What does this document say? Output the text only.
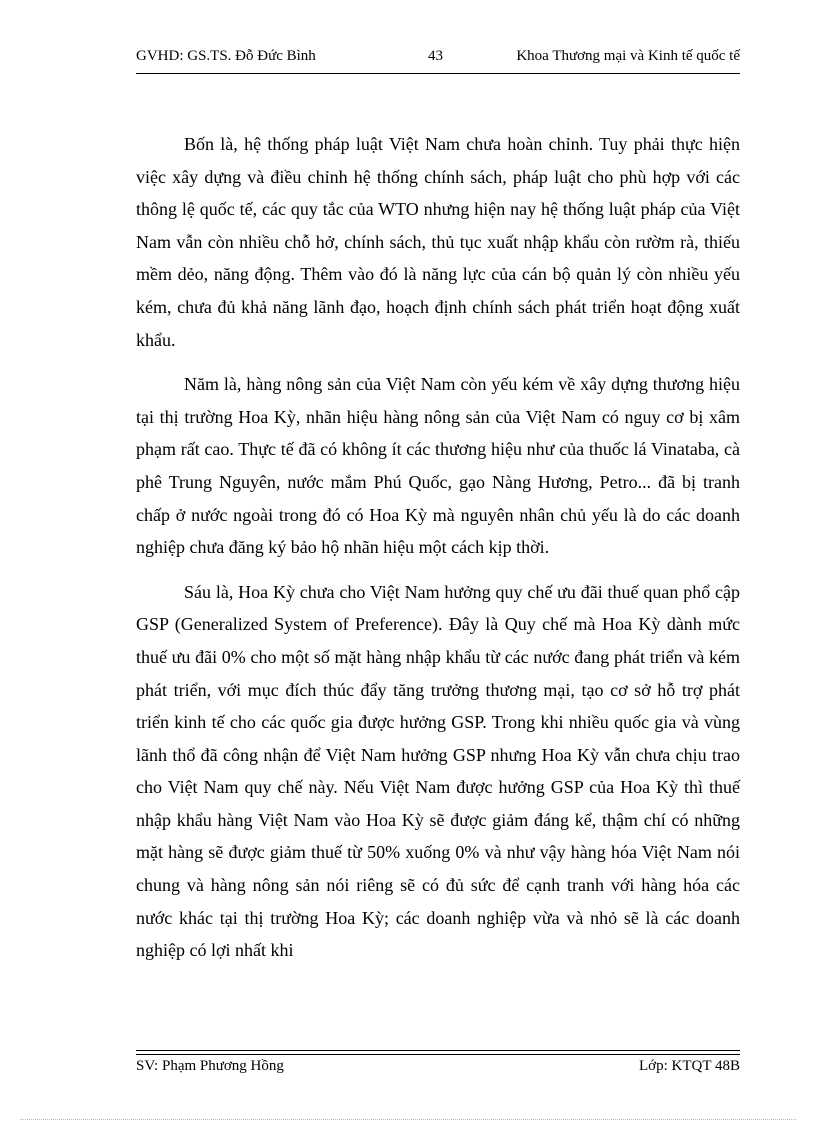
GVHD: GS.TS. Đỗ Đức Bình	43	Khoa Thương mại và Kinh tế quốc tế

Bốn là, hệ thống pháp luật Việt Nam chưa hoàn chỉnh. Tuy phải thực hiện việc xây dựng và điều chỉnh hệ thống chính sách, pháp luật cho phù hợp với các thông lệ quốc tế, các quy tắc của WTO nhưng hiện nay hệ thống luật pháp của Việt Nam vẫn còn nhiều chỗ hở, chính sách, thủ tục xuất nhập khẩu còn rườm rà, thiếu mềm dẻo, năng động. Thêm vào đó là năng lực của cán bộ quản lý còn nhiều yếu kém, chưa đủ khả năng lãnh đạo, hoạch định chính sách phát triển hoạt động xuất khẩu.

Năm là, hàng nông sản của Việt Nam còn yếu kém về xây dựng thương hiệu tại thị trường Hoa Kỳ, nhãn hiệu hàng nông sản của Việt Nam có nguy cơ bị xâm phạm rất cao. Thực tế đã có không ít các thương hiệu như của thuốc lá Vinataba, cà phê Trung Nguyên, nước mắm Phú Quốc, gạo Nàng Hương, Petro... đã bị tranh chấp ở nước ngoài trong đó có Hoa Kỳ mà nguyên nhân chủ yếu là do các doanh nghiệp chưa đăng ký bảo hộ nhãn hiệu một cách kịp thời.

Sáu là, Hoa Kỳ chưa cho Việt Nam hưởng quy chế ưu đãi thuế quan phổ cập GSP (Generalized System of Preference). Đây là Quy chế mà Hoa Kỳ dành mức thuế ưu đãi 0% cho một số mặt hàng nhập khẩu từ các nước đang phát triển và kém phát triển, với mục đích thúc đẩy tăng trưởng thương mại, tạo cơ sở hỗ trợ phát triển kinh tế cho các quốc gia được hưởng GSP. Trong khi nhiều quốc gia và vùng lãnh thổ đã công nhận để Việt Nam hưởng GSP nhưng Hoa Kỳ vẫn chưa chịu trao cho Việt Nam quy chế này. Nếu Việt Nam được hưởng GSP của Hoa Kỳ thì thuế nhập khẩu hàng Việt Nam vào Hoa Kỳ sẽ được giảm đáng kể, thậm chí có những mặt hàng sẽ được giảm thuế từ 50% xuống 0% và như vậy hàng hóa Việt Nam nói chung và hàng nông sản nói riêng sẽ có đủ sức để cạnh tranh với hàng hóa các nước khác tại thị trường Hoa Kỳ; các doanh nghiệp vừa và nhỏ sẽ là các doanh nghiệp có lợi nhất khi

SV: Phạm Phương Hồng	Lớp: KTQT 48B
